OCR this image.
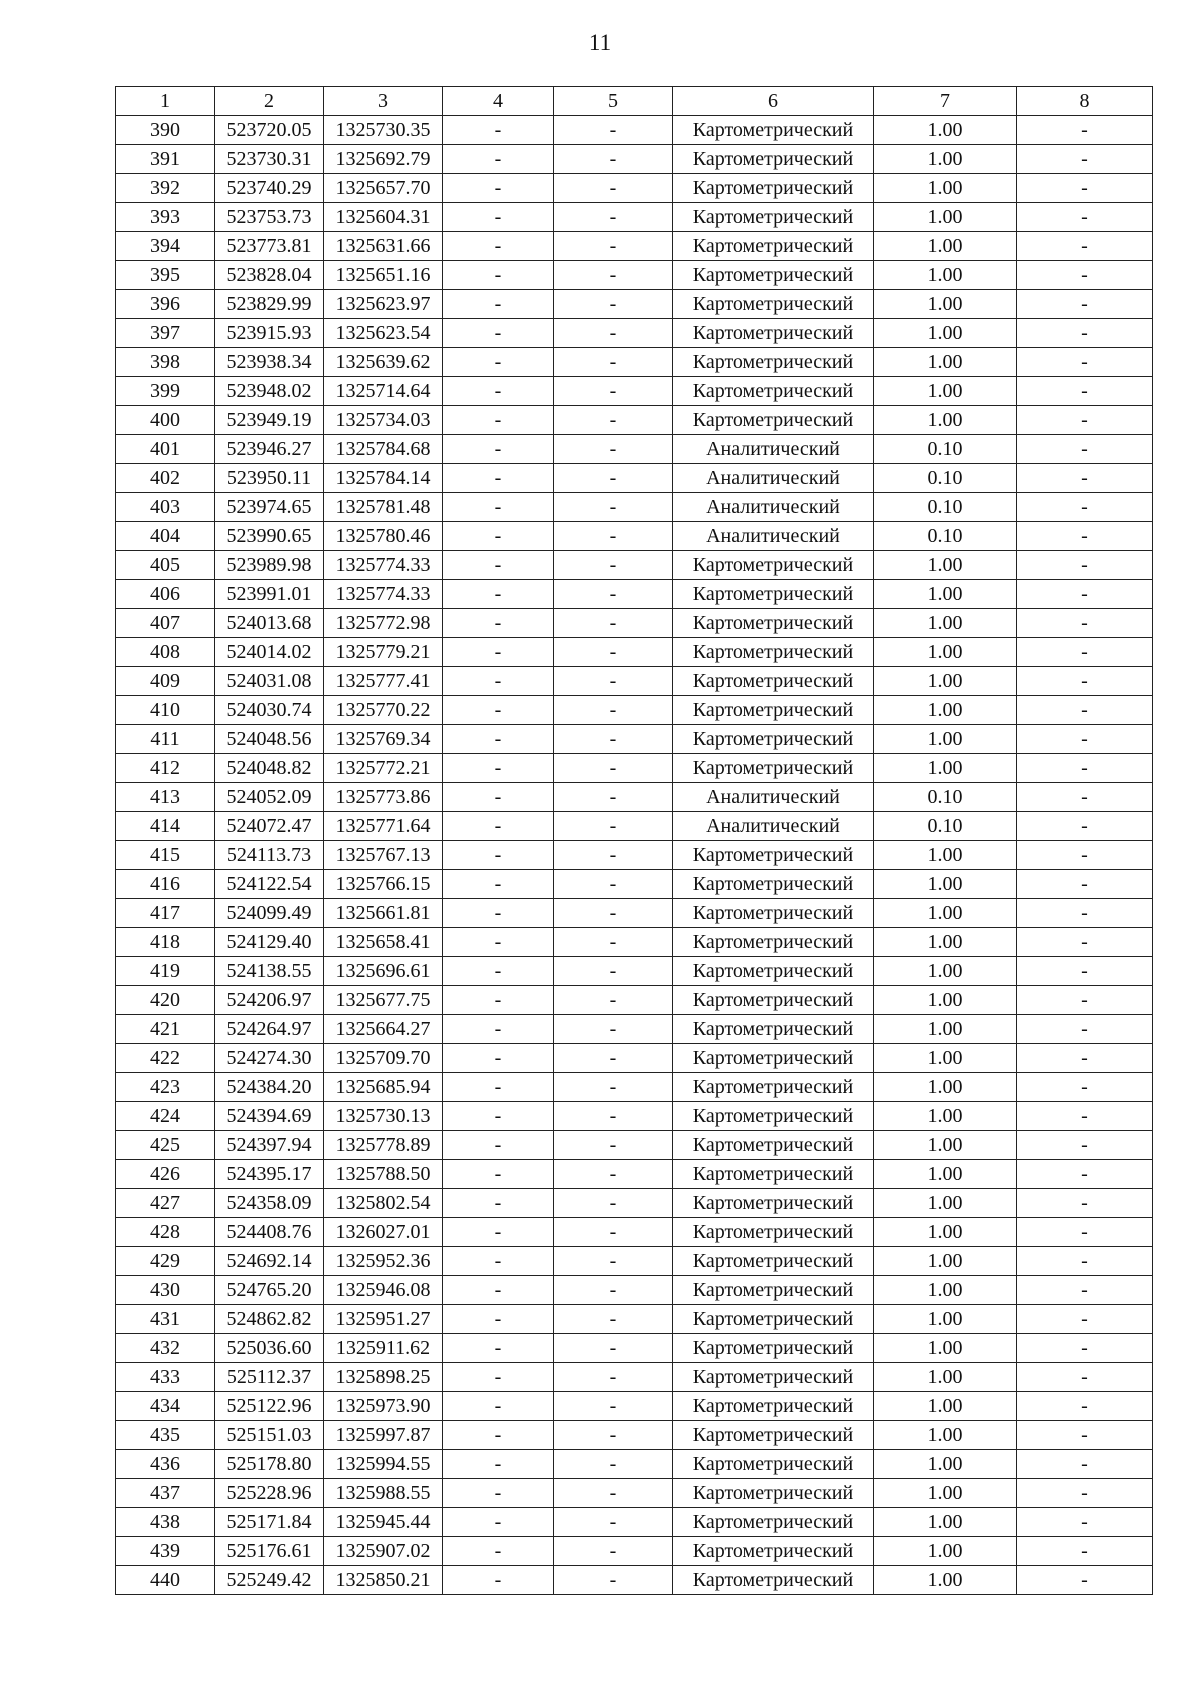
11
1	2	3	4	5	6	7	8
390	523720.05	1325730.35	-	-	Картометрический	1.00	-
391	523730.31	1325692.79	-	-	Картометрический	1.00	-
392	523740.29	1325657.70	-	-	Картометрический	1.00	-
393	523753.73	1325604.31	-	-	Картометрический	1.00	-
394	523773.81	1325631.66	-	-	Картометрический	1.00	-
395	523828.04	1325651.16	-	-	Картометрический	1.00	-
396	523829.99	1325623.97	-	-	Картометрический	1.00	-
397	523915.93	1325623.54	-	-	Картометрический	1.00	-
398	523938.34	1325639.62	-	-	Картометрический	1.00	-
399	523948.02	1325714.64	-	-	Картометрический	1.00	-
400	523949.19	1325734.03	-	-	Картометрический	1.00	-
401	523946.27	1325784.68	-	-	Аналитический	0.10	-
402	523950.11	1325784.14	-	-	Аналитический	0.10	-
403	523974.65	1325781.48	-	-	Аналитический	0.10	-
404	523990.65	1325780.46	-	-	Аналитический	0.10	-
405	523989.98	1325774.33	-	-	Картометрический	1.00	-
406	523991.01	1325774.33	-	-	Картометрический	1.00	-
407	524013.68	1325772.98	-	-	Картометрический	1.00	-
408	524014.02	1325779.21	-	-	Картометрический	1.00	-
409	524031.08	1325777.41	-	-	Картометрический	1.00	-
410	524030.74	1325770.22	-	-	Картометрический	1.00	-
411	524048.56	1325769.34	-	-	Картометрический	1.00	-
412	524048.82	1325772.21	-	-	Картометрический	1.00	-
413	524052.09	1325773.86	-	-	Аналитический	0.10	-
414	524072.47	1325771.64	-	-	Аналитический	0.10	-
415	524113.73	1325767.13	-	-	Картометрический	1.00	-
416	524122.54	1325766.15	-	-	Картометрический	1.00	-
417	524099.49	1325661.81	-	-	Картометрический	1.00	-
418	524129.40	1325658.41	-	-	Картометрический	1.00	-
419	524138.55	1325696.61	-	-	Картометрический	1.00	-
420	524206.97	1325677.75	-	-	Картометрический	1.00	-
421	524264.97	1325664.27	-	-	Картометрический	1.00	-
422	524274.30	1325709.70	-	-	Картометрический	1.00	-
423	524384.20	1325685.94	-	-	Картометрический	1.00	-
424	524394.69	1325730.13	-	-	Картометрический	1.00	-
425	524397.94	1325778.89	-	-	Картометрический	1.00	-
426	524395.17	1325788.50	-	-	Картометрический	1.00	-
427	524358.09	1325802.54	-	-	Картометрический	1.00	-
428	524408.76	1326027.01	-	-	Картометрический	1.00	-
429	524692.14	1325952.36	-	-	Картометрический	1.00	-
430	524765.20	1325946.08	-	-	Картометрический	1.00	-
431	524862.82	1325951.27	-	-	Картометрический	1.00	-
432	525036.60	1325911.62	-	-	Картометрический	1.00	-
433	525112.37	1325898.25	-	-	Картометрический	1.00	-
434	525122.96	1325973.90	-	-	Картометрический	1.00	-
435	525151.03	1325997.87	-	-	Картометрический	1.00	-
436	525178.80	1325994.55	-	-	Картометрический	1.00	-
437	525228.96	1325988.55	-	-	Картометрический	1.00	-
438	525171.84	1325945.44	-	-	Картометрический	1.00	-
439	525176.61	1325907.02	-	-	Картометрический	1.00	-
440	525249.42	1325850.21	-	-	Картометрический	1.00	-
